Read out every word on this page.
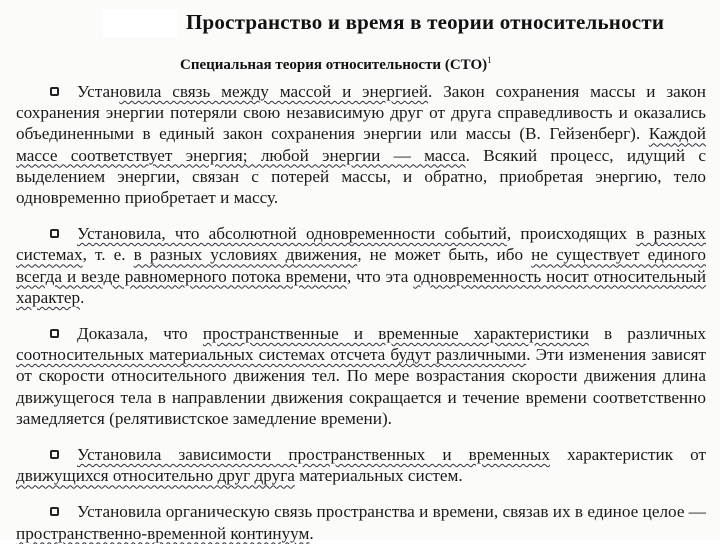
Пространство и время в теории относительности
Специальная теория относительности (СТО)$^1$

Установила связь между массой и энергией. Закон сохранения массы и закон сохранения энергии потеряли свою независимую друг от друга справедливость и оказались объединенными в единый закон сохранения энергии или массы (В. Гейзенберг). Каждой массе соответствует энергия; любой энергии — масса. Всякий процесс, идущий с выделением энергии, связан с потерей массы, и обратно, приобретая энергию, тело одновременно приобретает и массу.

Установила, что абсолютной одновременности событий, происходящих в разных системах, т. е. в разных условиях движения, не может быть, ибо не существует единого всегда и везде равномерного потока времени, что эта одновременность носит относительный характер.

Доказала, что пространственные и временные характеристики в различных соотносительных материальных системах отсчета будут различными. Эти изменения зависят от скорости относительного движения тел. По мере возрастания скорости движения длина движущегося тела в направлении движения сокращается и течение времени соответственно замедляется (релятивистское замедление времени).

Установила зависимости пространственных и временных характеристик от движущихся относительно друг друга материальных систем.

Установила органическую связь пространства и времени, связав их в единое целое — пространственно-временной континуум.
